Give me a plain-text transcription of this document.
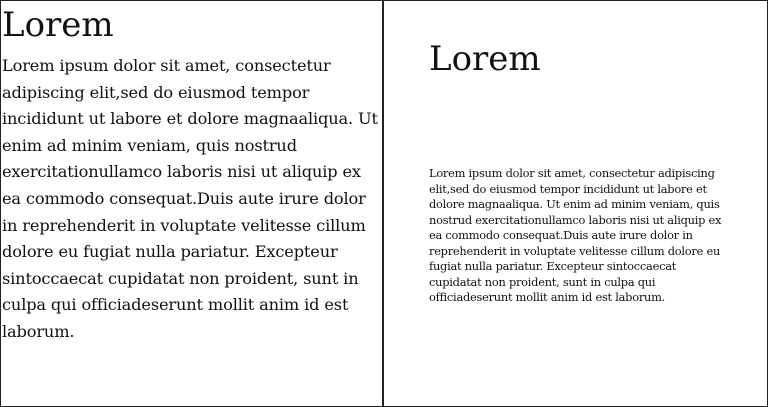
Lorem

Lorem ipsum dolor sit amet, consectetur adipiscing elit,sed do eiusmod tempor incididunt ut labore et dolore magnaaliqua. Ut enim ad minim veniam, quis nostrud exercitationullamco laboris nisi ut aliquip ex ea commodo consequat.Duis aute irure dolor in reprehenderit in voluptate velitesse cillum dolore eu fugiat nulla pariatur. Excepteur sintoccaecat cupidatat non proident, sunt in culpa qui officiadeserunt mollit anim id est laborum.

Lorem

Lorem ipsum dolor sit amet, consectetur adipiscing elit,sed do eiusmod tempor incididunt ut labore et dolore magnaaliqua. Ut enim ad minim veniam, quis nostrud exercitationullamco laboris nisi ut aliquip ex ea commodo consequat.Duis aute irure dolor in reprehenderit in voluptate velitesse cillum dolore eu fugiat nulla pariatur. Excepteur sintoccaecat cupidatat non proident, sunt in culpa qui officiadeserunt mollit anim id est laborum.
